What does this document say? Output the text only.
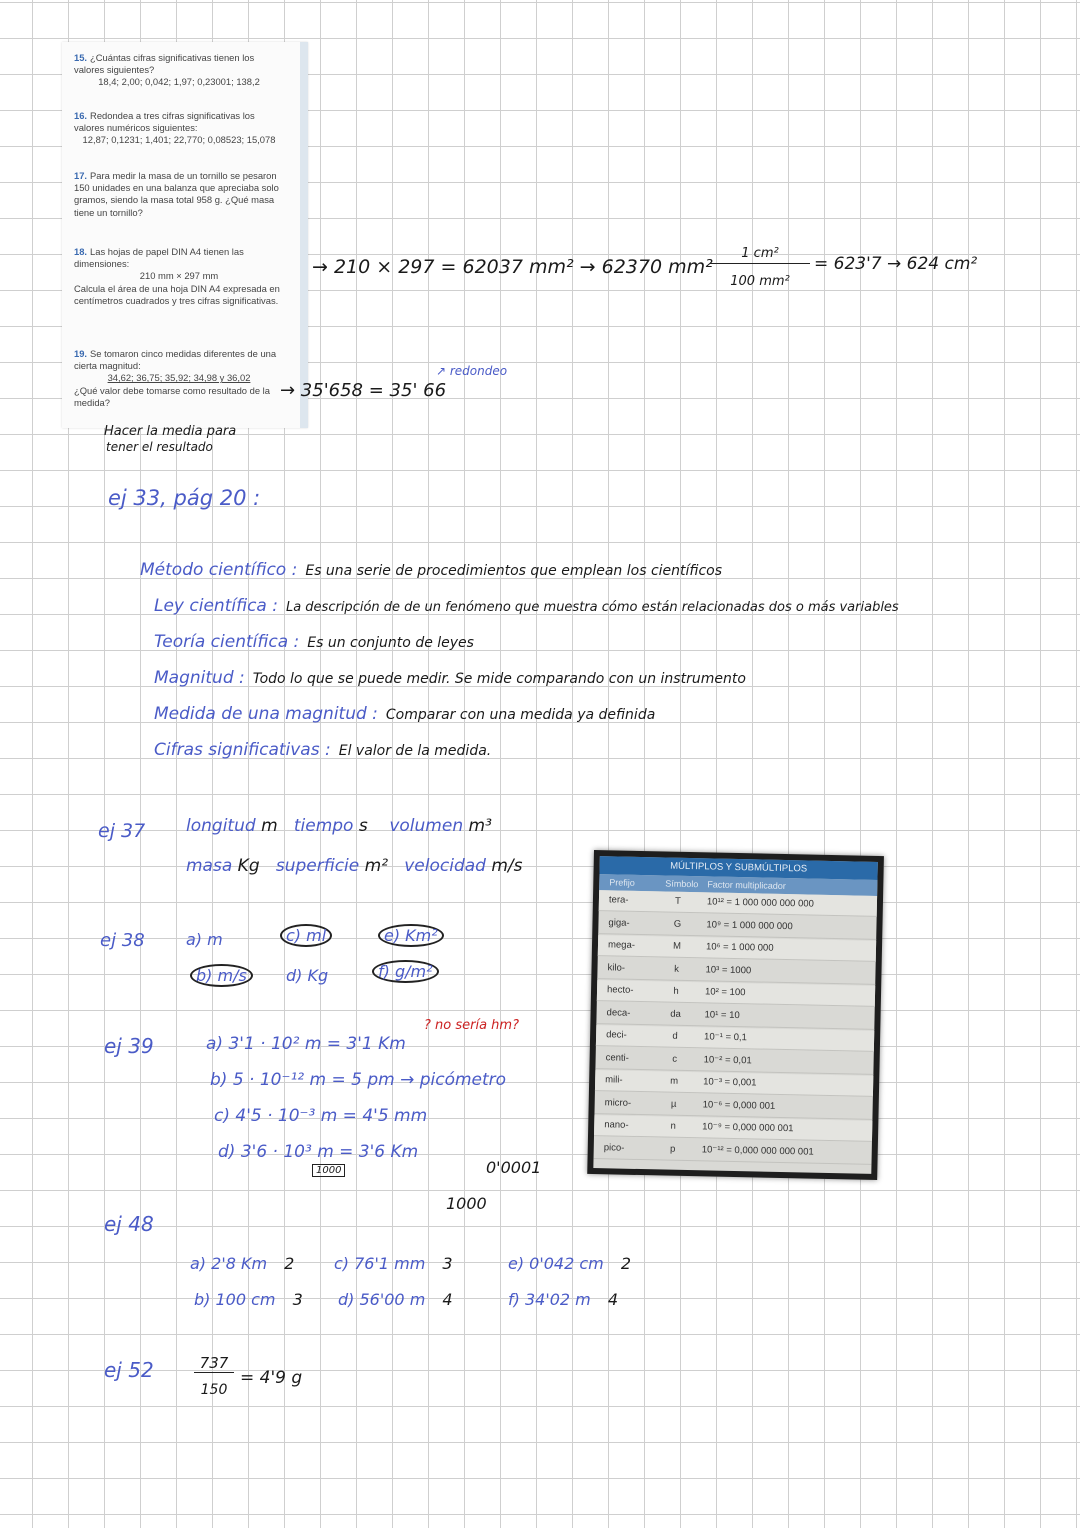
15. ¿Cuántas cifras significativas tienen los valores siguientes?
18,4; 2,00; 0,042; 1,97; 0,23001; 138,2
16. Redondea a tres cifras significativas los valores numéricos siguientes:
12,87; 0,1231; 1,401; 22,770; 0,08523; 15,078
17. Para medir la masa de un tornillo se pesaron 150 unidades en una balanza que apreciaba solo gramos, siendo la masa total 958 g. ¿Qué masa tiene un tornillo?
18. Las hojas de papel DIN A4 tienen las dimensiones:
210 mm × 297 mm
Calcula el área de una hoja DIN A4 expresada en centímetros cuadrados y tres cifras significativas.
19. Se tomaron cinco medidas diferentes de una cierta magnitud:
34,62; 36,75; 35,92; 34,98 y 36,02
¿Qué valor debe tomarse como resultado de la medida?
→ 210 × 297 = 62037 mm² → 62370 mm²
1 cm²
100 mm²
= 623'7 → 624 cm²
→ 35'658 = 35' 66
↗ redondeo
Hacer la media para
tener el resultado
ej 33, pág 20 :
Método científico : Es una serie de procedimientos que emplean los científicos
Ley científica : La descripción de de un fenómeno que muestra cómo están relacionadas dos o más variables
Teoría científica : Es un conjunto de leyes
Magnitud : Todo lo que se puede medir. Se mide comparando con un instrumento
Medida de una magnitud : Comparar con una medida ya definida
Cifras significativas : El valor de la medida.
ej 37 longitud m tiempo s volumen m³
masa Kg superficie m² velocidad m/s
ej 38	a) m	c) ml	e) Km²
b) m/s	d) Kg	f) g/m²
ej 39	a) 3'1 · 10² m = 3'1 Km
? no sería hm?
b) 5 · 10⁻¹² m = 5 pm → picómetro
c) 4'5 · 10⁻³ m = 4'5 mm
d) 3'6 · 10³ m = 3'6 Km
1000	0'0001
1000
ej 48
a) 2'8 Km 2 c) 76'1 mm 3	e) 0'042 cm 2
b) 100 cm 3 d) 56'00 m 4	f) 34'02 m 4
ej 52	737
150
= 4'9 g
MÚLTIPLOS Y SUBMÚLTIPLOS
Prefijo	Símbolo Factor multiplicador
tera-	T	10¹² = 1 000 000 000 000
giga-	G	10⁹ = 1 000 000 000
mega-	M	10⁶ = 1 000 000
kilo-	k	10³ = 1000
hecto-	h	10² = 100
deca-	da	10¹ = 10
deci-	d	10⁻¹ = 0,1
centi-	c	10⁻² = 0,01
mili-	m	10⁻³ = 0,001
micro-	µ	10⁻⁶ = 0,000 001
nano-	n	10⁻⁹ = 0,000 000 001
pico-	p	10⁻¹² = 0,000 000 000 001
